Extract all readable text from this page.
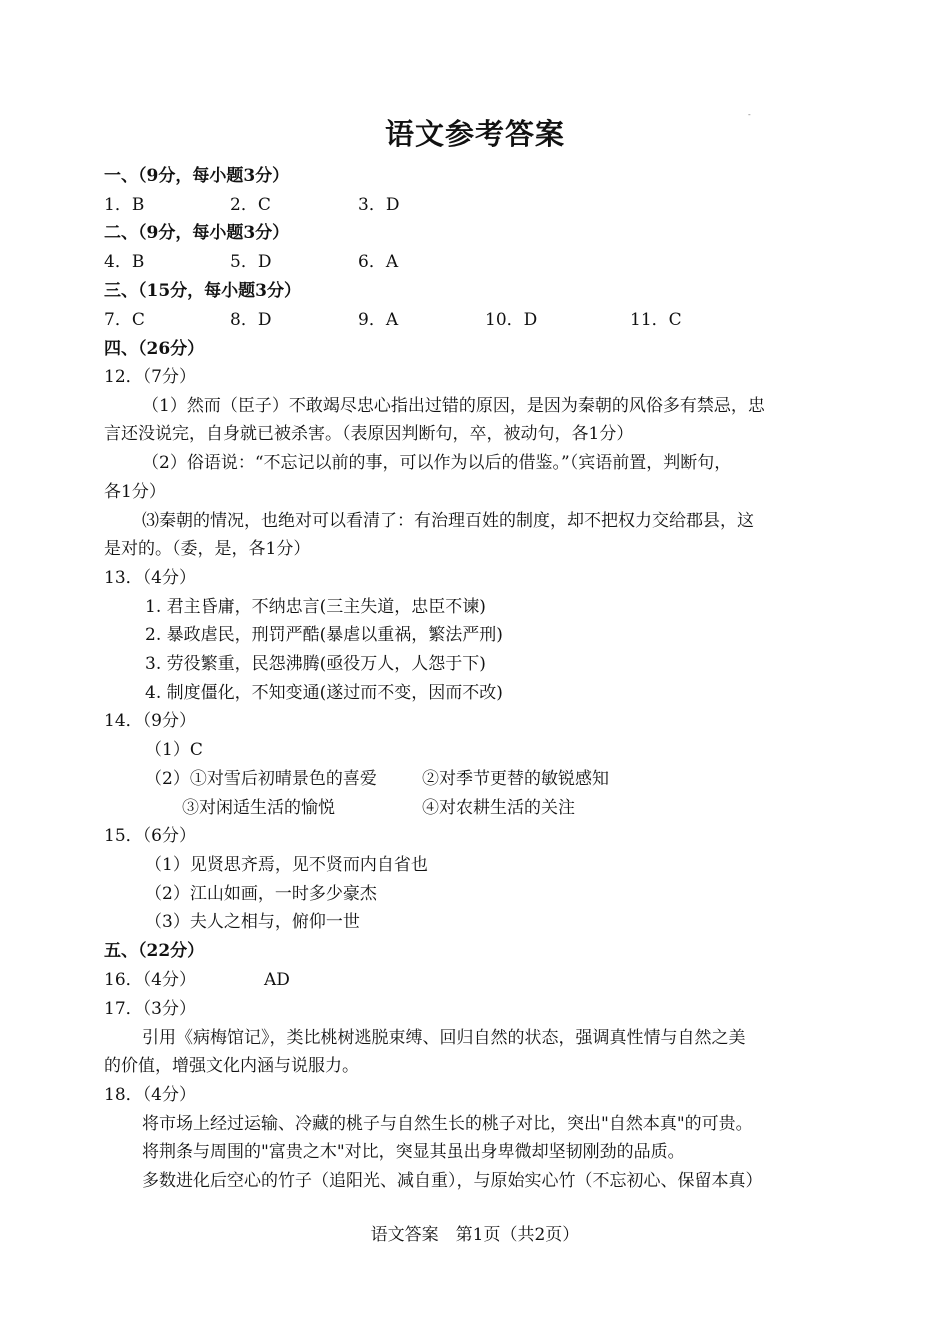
-
语文参考答案
一、（9分，每小题3分）
1．B	2．C	3．D
二、（9分，每小题3分）
4．B	5．D	6．A
三、（15分，每小题3分）
7．C	8．D	9．A	10．D	11．C
四、（26分）
12．（7分）
（1）然而（臣子）不敢竭尽忠心指出过错的原因，是因为秦朝的风俗多有禁忌，忠
言还没说完，自身就已被杀害。（表原因判断句，卒，被动句，各1分）
（2）俗语说：“不忘记以前的事，可以作为以后的借鉴。”（宾语前置，判断句，
各1分）
⑶秦朝的情况，也绝对可以看清了：有治理百姓的制度，却不把权力交给郡县，这
是对的。（委，是，各1分）
13．（4分）
1. 君主昏庸，不纳忠言(三主失道，忠臣不谏)
2. 暴政虐民，刑罚严酷(暴虐以重祸，繁法严刑)
3. 劳役繁重，民怨沸腾(亟役万人，人怨于下)
4. 制度僵化，不知变通(遂过而不变，因而不改)
14．（9分）
（1）C
（2）①对雪后初晴景色的喜爱	②对季节更替的敏锐感知
③对闲适生活的愉悦	④对农耕生活的关注
15．（6分）
（1）见贤思齐焉，见不贤而内自省也
（2）江山如画，一时多少豪杰
（3）夫人之相与，俯仰一世
五、（22分）
16．（4分）	AD
17．（3分）
引用《病梅馆记》，类比桃树逃脱束缚、回归自然的状态，强调真性情与自然之美
的价值，增强文化内涵与说服力。
18．（4分）
将市场上经过运输、冷藏的桃子与自然生长的桃子对比，突出"自然本真"的可贵。
将荆条与周围的"富贵之木"对比，突显其虽出身卑微却坚韧刚劲的品质。
多数进化后空心的竹子（追阳光、减自重），与原始实心竹（不忘初心、保留本真）
语文答案　第1页（共2页）
